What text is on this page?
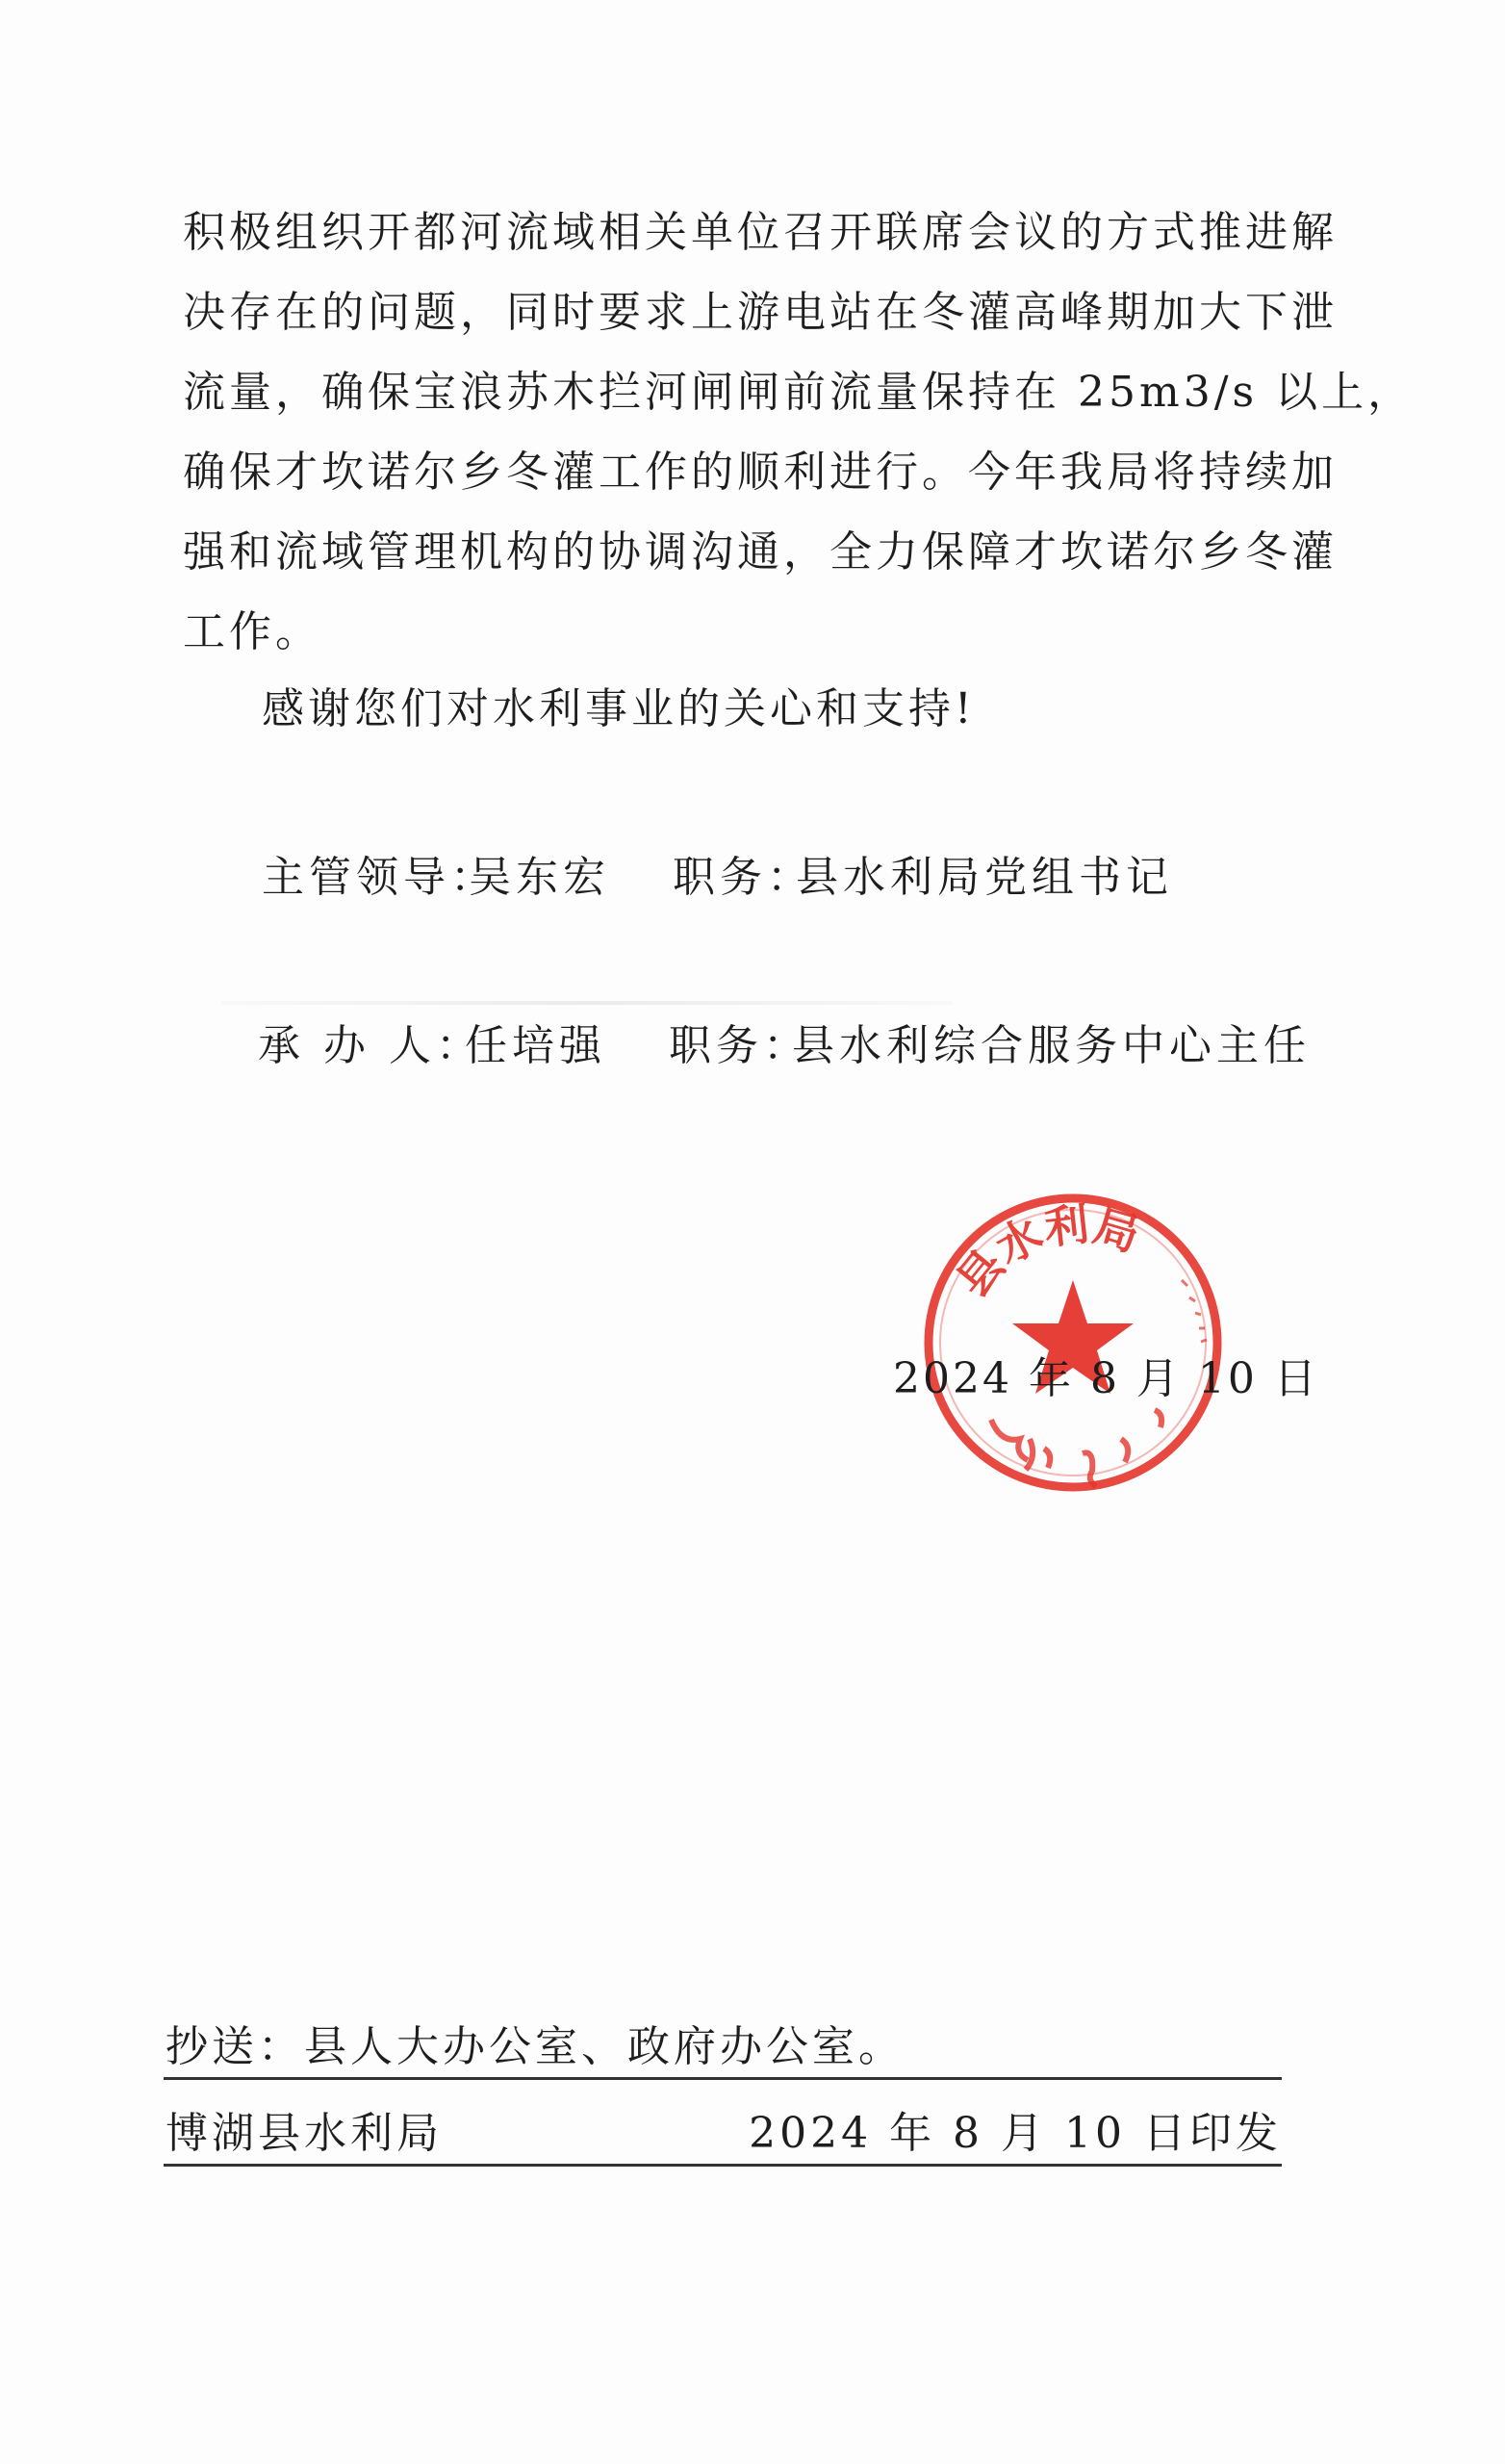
积极组织开都河流域相关单位召开联席会议的方式推进解
决存在的问题，同时要求上游电站在冬灌高峰期加大下泄
流量，确保宝浪苏木拦河闸闸前流量保持在 25m3/s 以上，
确保才坎诺尔乡冬灌工作的顺利进行。今年我局将持续加
强和流域管理机构的协调沟通，全力保障才坎诺尔乡冬灌
工作。
感谢您们对水利事业的关心和支持!
主管领导：
吴东宏 职务：
县水利局党组书记
承 办 人：
任培强 职务：
县水利综合服务中心主任
县水利局
2024 年 8 月 10 日
抄送：县人大办公室、政府办公室。
博湖县水利局	2024 年 8 月 10 日印发
